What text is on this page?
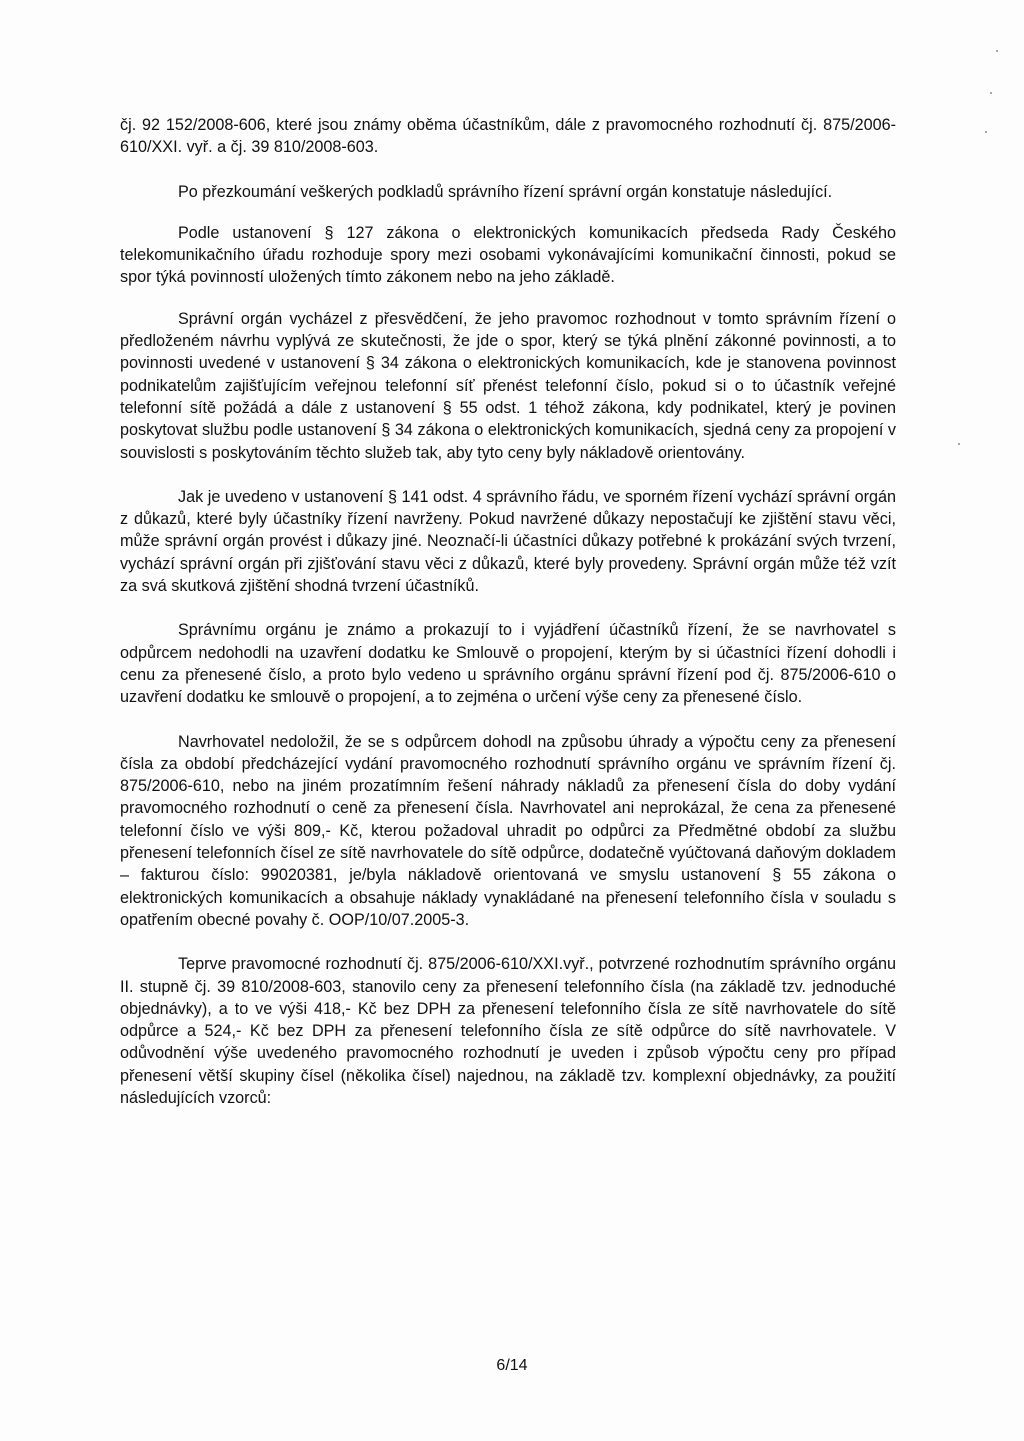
čj. 92 152/2008-606, které jsou známy oběma účastníkům, dále z pravomocného rozhodnutí čj. 875/2006-610/XXI. vyř. a čj. 39 810/2008-603.

Po přezkoumání veškerých podkladů správního řízení správní orgán konstatuje následující.

Podle ustanovení § 127 zákona o elektronických komunikacích předseda Rady Českého telekomunikačního úřadu rozhoduje spory mezi osobami vykonávajícími komunikační činnosti, pokud se spor týká povinností uložených tímto zákonem nebo na jeho základě.

Správní orgán vycházel z přesvědčení, že jeho pravomoc rozhodnout v tomto správním řízení o předloženém návrhu vyplývá ze skutečnosti, že jde o spor, který se týká plnění zákonné povinnosti, a to povinnosti uvedené v ustanovení § 34 zákona o elektronických komunikacích, kde je stanovena povinnost podnikatelům zajišťujícím veřejnou telefonní síť přenést telefonní číslo, pokud si o to účastník veřejné telefonní sítě požádá a dále z ustanovení § 55 odst. 1 téhož zákona, kdy podnikatel, který je povinen poskytovat službu podle ustanovení § 34 zákona o elektronických komunikacích, sjedná ceny za propojení v souvislosti s poskytováním těchto služeb tak, aby tyto ceny byly nákladově orientovány.

Jak je uvedeno v ustanovení § 141 odst. 4 správního řádu, ve sporném řízení vychází správní orgán z důkazů, které byly účastníky řízení navrženy. Pokud navržené důkazy nepostačují ke zjištění stavu věci, může správní orgán provést i důkazy jiné. Neoznačí-li účastníci důkazy potřebné k prokázání svých tvrzení, vychází správní orgán při zjišťování stavu věci z důkazů, které byly provedeny. Správní orgán může též vzít za svá skutková zjištění shodná tvrzení účastníků.

Správnímu orgánu je známo a prokazují to i vyjádření účastníků řízení, že se navrhovatel s odpůrcem nedohodli na uzavření dodatku ke Smlouvě o propojení, kterým by si účastníci řízení dohodli i cenu za přenesené číslo, a proto bylo vedeno u správního orgánu správní řízení pod čj. 875/2006-610 o uzavření dodatku ke smlouvě o propojení, a to zejména o určení výše ceny za přenesené číslo.

Navrhovatel nedoložil, že se s odpůrcem dohodl na způsobu úhrady a výpočtu ceny za přenesení čísla za období předcházející vydání pravomocného rozhodnutí správního orgánu ve správním řízení čj. 875/2006-610, nebo na jiném prozatímním řešení náhrady nákladů za přenesení čísla do doby vydání pravomocného rozhodnutí o ceně za přenesení čísla. Navrhovatel ani neprokázal, že cena za přenesené telefonní číslo ve výši 809,- Kč, kterou požadoval uhradit po odpůrci za Předmětné období za službu přenesení telefonních čísel ze sítě navrhovatele do sítě odpůrce, dodatečně vyúčtovaná daňovým dokladem – fakturou číslo: 99020381, je/byla nákladově orientovaná ve smyslu ustanovení § 55 zákona o elektronických komunikacích a obsahuje náklady vynakládané na přenesení telefonního čísla v souladu s opatřením obecné povahy č. OOP/10/07.2005-3.

Teprve pravomocné rozhodnutí čj. 875/2006-610/XXI.vyř., potvrzené rozhodnutím správního orgánu II. stupně čj. 39 810/2008-603, stanovilo ceny za přenesení telefonního čísla (na základě tzv. jednoduché objednávky), a to ve výši 418,- Kč bez DPH za přenesení telefonního čísla ze sítě navrhovatele do sítě odpůrce a 524,- Kč bez DPH za přenesení telefonního čísla ze sítě odpůrce do sítě navrhovatele. V odůvodnění výše uvedeného pravomocného rozhodnutí je uveden i způsob výpočtu ceny pro případ přenesení větší skupiny čísel (několika čísel) najednou, na základě tzv. komplexní objednávky, za použití následujících vzorců:

6/14
